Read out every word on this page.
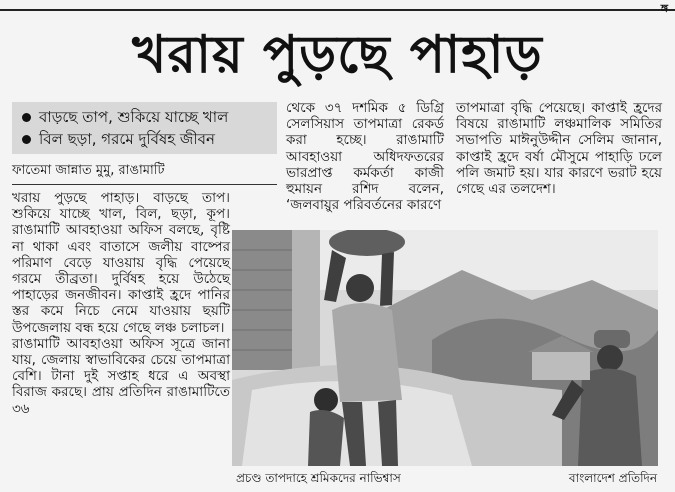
ঙ্গ
খরায় পুড়ছে পাহাড়
বাড়ছে তাপ, শুকিয়ে যাচ্ছে খাল
বিল ছড়া, গরমে দুর্বিষহ জীবন
ফাতেমা জান্নাত মুমু, রাঙামাটি

খরায় পুড়ছে পাহাড়। বাড়ছে তাপ। শুকিয়ে যাচ্ছে খাল, বিল, ছড়া, কূপ। রাঙামাটি আবহাওয়া অফিস বলছে, বৃষ্টি না থাকা এবং বাতাসে জলীয় বাষ্পের পরিমাণ বেড়ে যাওয়ায় বৃদ্ধি পেয়েছে গরমে তীব্রতা। দুর্বিষহ হয়ে উঠেছে পাহাড়ের জনজীবন। কাপ্তাই হ্রদে পানির স্তর কমে নিচে নেমে যাওয়ায় ছয়টি উপজেলায় বন্ধ হয়ে গেছে লঞ্চ চলাচল।

রাঙামাটি আবহাওয়া অফিস সূত্রে জানা যায়, জেলায় স্বাভাবিকের চেয়ে তাপমাত্রা বেশি। টানা দুই সপ্তাহ ধরে এ অবস্থা বিরাজ করছে। প্রায় প্রতিদিন রাঙামাটিতে ৩৬

থেকে ৩৭ দশমিক ৫ ডিগ্রি সেলসিয়াস তাপমাত্রা রেকর্ড করা হচ্ছে। রাঙামাটি আবহাওয়া অধিদফতরের ভারপ্রাপ্ত কর্মকর্তা কাজী হুমায়ন রশিদ বলেন, ‘জলবায়ুর পরিবর্তনের কারণে

তাপমাত্রা বৃদ্ধি পেয়েছে। কাপ্তাই হ্রদের বিষয়ে রাঙামাটি লঞ্চমালিক সমিতির সভাপতি মাঈনুউদ্দীন সেলিম জানান, কাপ্তাই হ্রদে বর্ষা মৌসুমে পাহাড়ি ঢলে পলি জমাট হয়। যার কারণে ভরাট হয়ে গেছে এর তলদেশ।

প্রচণ্ড তাপদাহে শ্রমিকদের নাভিশ্বাস	বাংলাদেশ প্রতিদিন
